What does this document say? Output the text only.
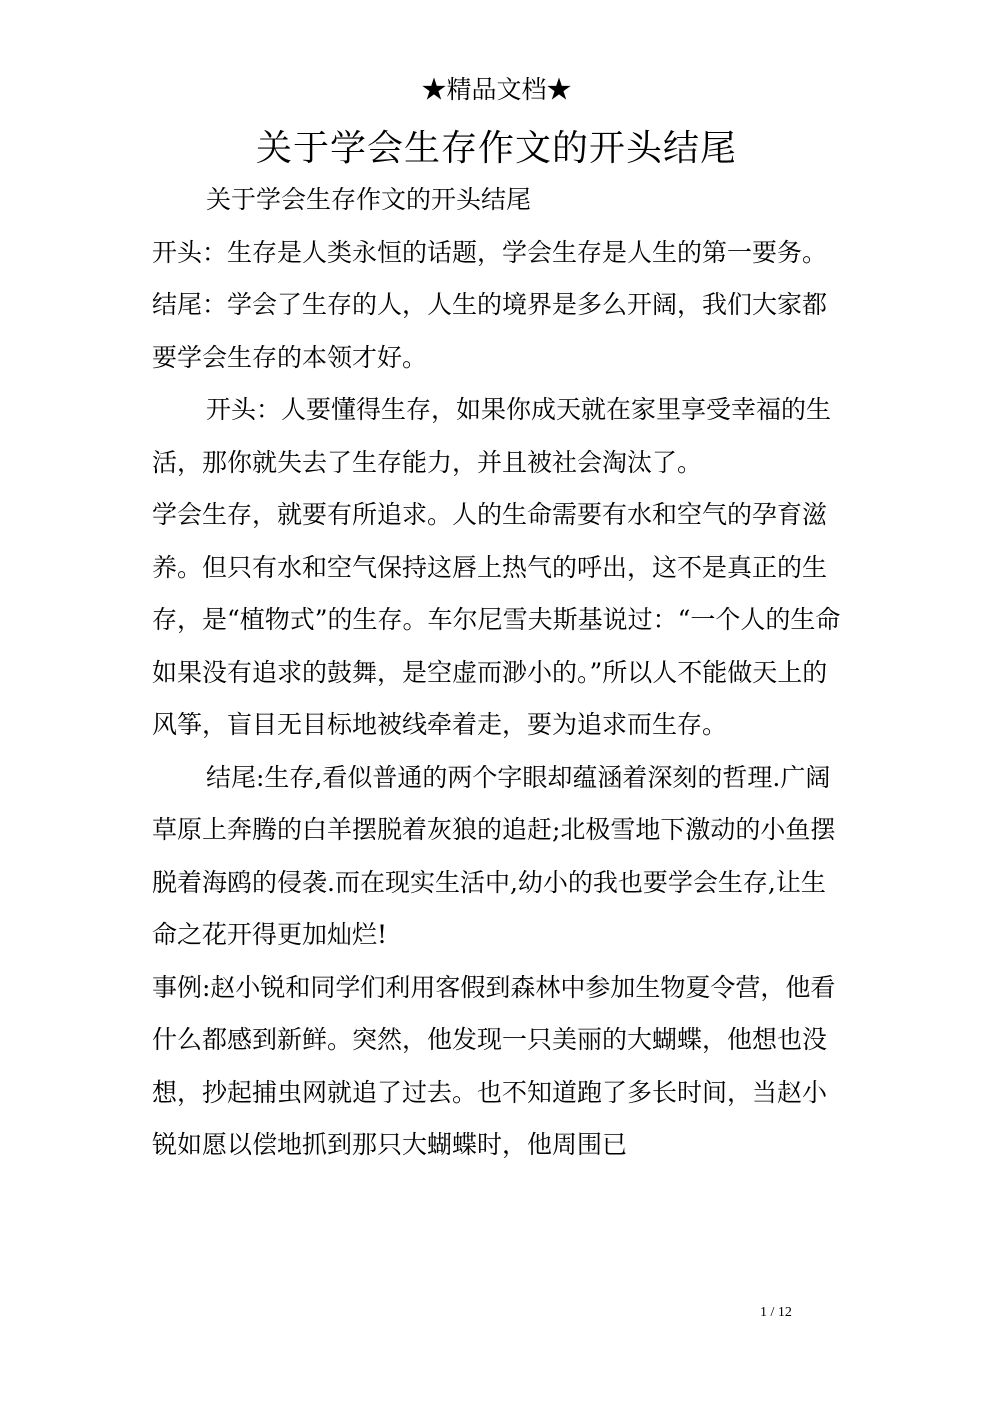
★精品文档★
关于学会生存作文的开头结尾

关于学会生存作文的开头结尾

开头：生存是人类永恒的话题，学会生存是人生的第一要务。

结尾：学会了生存的人，人生的境界是多么开阔，我们大家都要学会生存的本领才好。

开头：人要懂得生存，如果你成天就在家里享受幸福的生活，那你就失去了生存能力，并且被社会淘汰了。

学会生存，就要有所追求。人的生命需要有水和空气的孕育滋养。但只有水和空气保持这唇上热气的呼出，这不是真正的生存，是“植物式”的生存。车尔尼雪夫斯基说过：“一个人的生命如果没有追求的鼓舞，是空虚而渺小的。”所以人不能做天上的风筝，盲目无目标地被线牵着走，要为追求而生存。

结尾:生存,看似普通的两个字眼却蕴涵着深刻的哲理.广阔草原上奔腾的白羊摆脱着灰狼的追赶;北极雪地下激动的小鱼摆脱着海鸥的侵袭.而在现实生活中,幼小的我也要学会生存,让生命之花开得更加灿烂!

事例:赵小锐和同学们利用客假到森林中参加生物夏令营，他看　什么都感到新鲜。突然，他发现一只美丽的大蝴蝶，他想也没想，抄起捕虫网就追了过去。也不知道跑了多长时间，当赵小锐如愿以偿地抓到那只大蝴蝶时，他周围已

1 / 12
